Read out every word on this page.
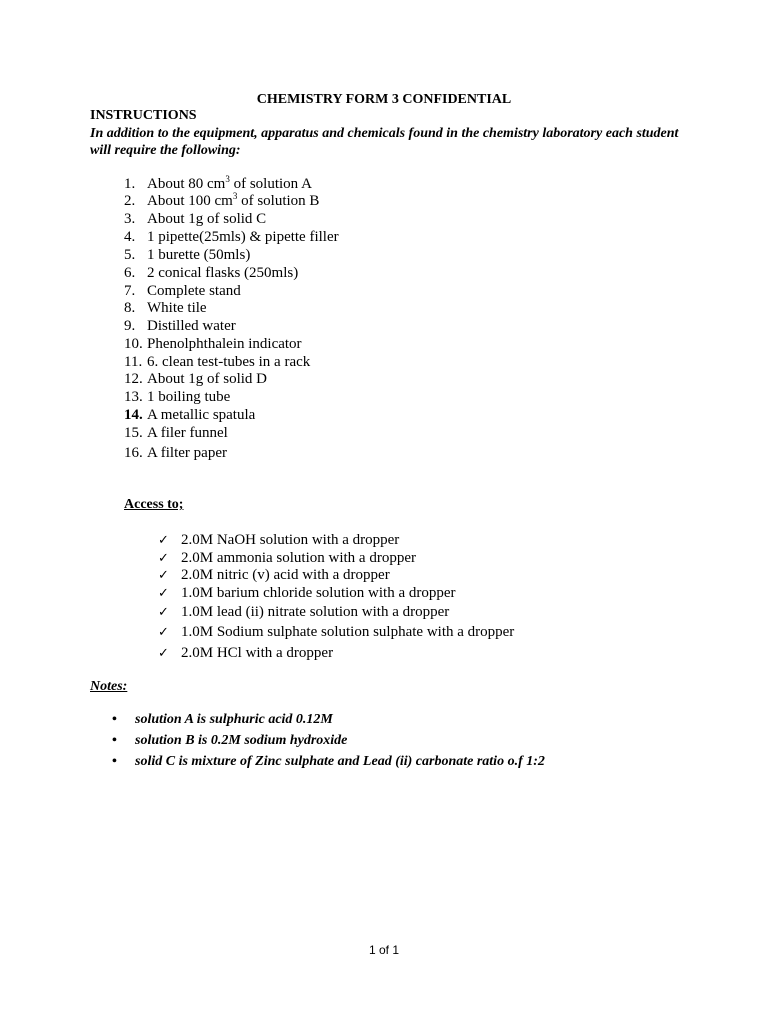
CHEMISTRY FORM 3 CONFIDENTIAL
INSTRUCTIONS
In addition to the equipment, apparatus and chemicals found in the chemistry laboratory each student will require the following:
1. About 80 $cm^3$ of solution A
2. About 100 $cm^3$ of solution B
3. About 1g of solid C
4. 1 pipette(25mls) & pipette filler
5. 1 burette (50mls)
6. 2 conical flasks (250mls)
7. Complete stand
8. White tile
9. Distilled water
10. Phenolphthalein indicator
11. 6. clean test-tubes in a rack
12. About 1g of solid D
13. 1 boiling tube
14. A metallic spatula
15. A filer funnel
16. A filter paper
Access to;
✓ 2.0M NaOH solution with a dropper
✓ 2.0M ammonia solution with a dropper
✓ 2.0M nitric (v) acid with a dropper
✓ 1.0M barium chloride solution with a dropper
✓ 1.0M lead (ii) nitrate solution with a dropper
✓ 1.0M Sodium sulphate solution sulphate with a dropper
✓ 2.0M HCl with a dropper
Notes:
• solution A is sulphuric acid 0.12M
• solution B is 0.2M sodium hydroxide
• solid C is mixture of Zinc sulphate and Lead (ii) carbonate ratio o.f 1:2
1 of 1
